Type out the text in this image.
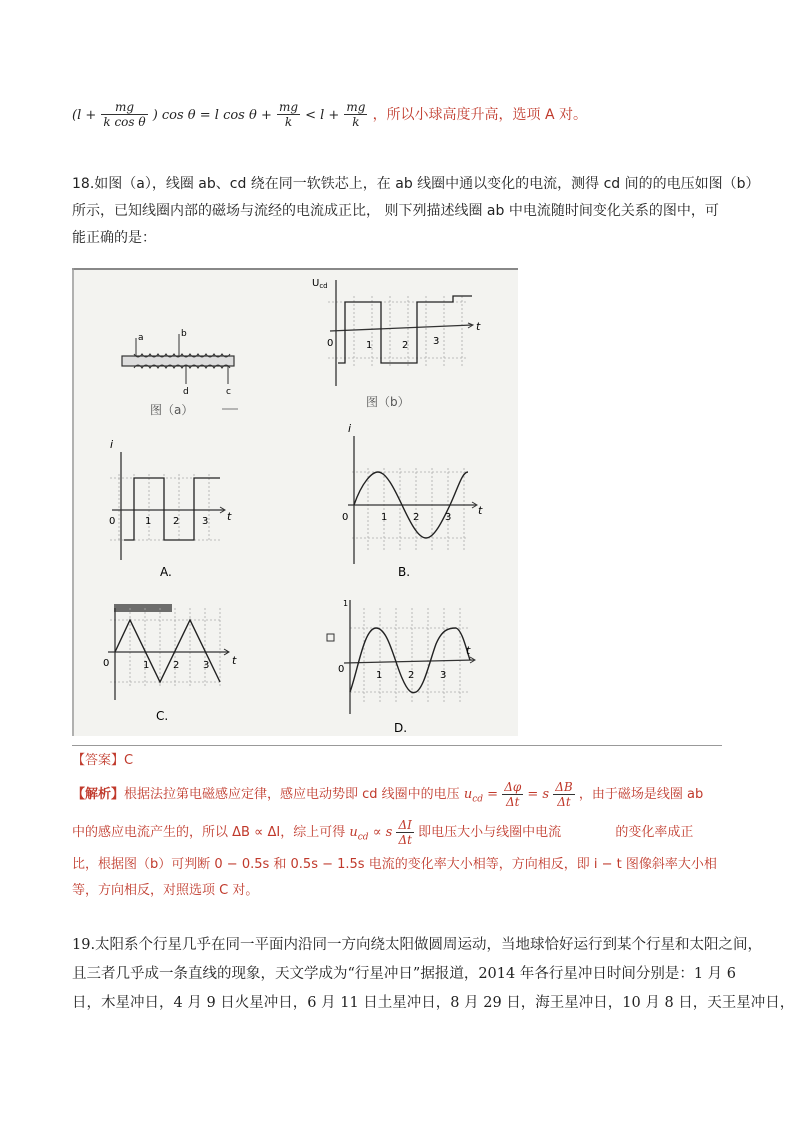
($l + \frac{mg}{\text{k cos θ}}$ ) cos θ = l $\cos \theta + \frac{mg}{k} < l + \frac{mg}{k}$ ，所以小球高度升高，选项 A 对。
18.如图（a），线圈 ab、cd 绕在同一软铁芯上，在 ab 线圈中通以变化的电流，测得 cd 间的的电压如图（b）
所示，已知线圈内部的磁场与流经的电流成正比， 则下列描述线圈 ab 中电流随时间变化关系的图中，可
能正确的是：
a	b
d	c
图（a）
$U_{cd}$
t
0	1	2 3
图（b）
i
t
0	1 2 3
A.
i
t
0	1	2	3
B.
t
0	1 2 3
C.
1
0
1	2	3
t
D.
【答案】C
【解析】根据法拉第电磁感应定律，感应电动势即 cd 线圈中的电压 $u_{cd} = \frac{\Delta\varphi}{\Delta t} = s \frac{\Delta B}{\Delta t}$ ，由于磁场是线圈 ab
中的感应电流产生的，所以 ΔB ∝ ΔI，综上可得 $u_{cd} \propto s \frac{\Delta I}{\Delta t}$ 即电压大小与线圈中电流	的变化率成正
比，根据图（b）可判断 0 − 0.5s 和 0.5s − 1.5s 电流的变化率大小相等，方向相反，即 i − t 图像斜率大小相
等，方向相反，对照选项 C 对。
19.太阳系个行星几乎在同一平面内沿同一方向绕太阳做圆周运动，当地球恰好运行到某个行星和太阳之间，
且三者几乎成一条直线的现象，天文学成为“行星冲日”据报道，2014 年各行星冲日时间分别是：1 月 6
日，木星冲日，4 月 9 日火星冲日，6 月 11 日土星冲日，8 月 29 日，海王星冲日，10 月 8 日，天王星冲日，
